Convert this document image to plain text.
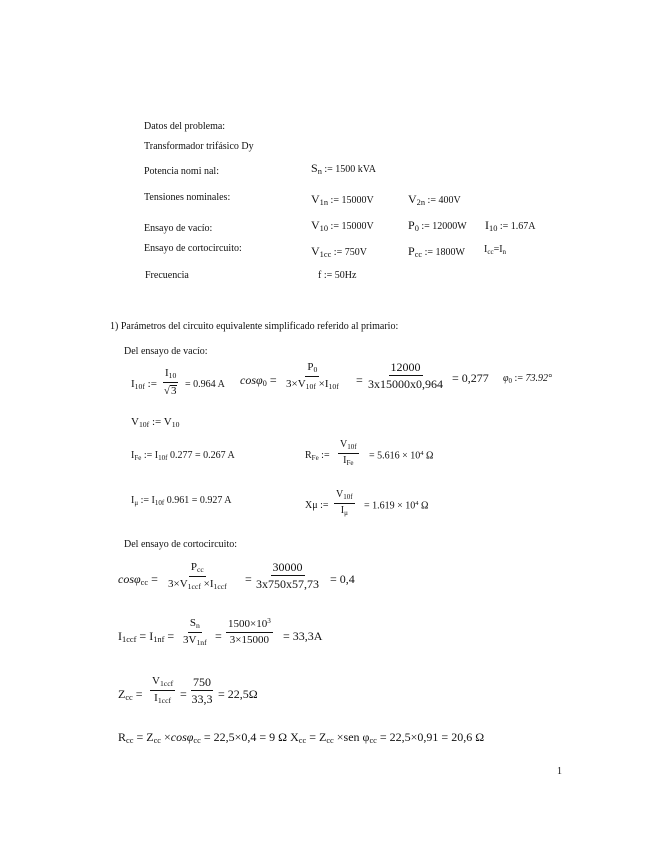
Datos del problema:
Transformador trifásico Dy
Potencia nomi nal:	$S_n$ := 1500 kVA
Tensiones nominales:	$V_{1n}$ := 15000V	$V_{2n}$ := 400V
Ensayo de vacío:	$V_{10}$ := 15000V	$P_0$ := 12000W $I_{10}$ := 1.67A
Ensayo de cortocircuito:	$V_{1cc}$ := 750V	$P_{cc}$ := 1800W $I_{cc}=I_n$
Frecuencia	f := 50Hz
1) Parámetros del circuito equivalente simplificado referido al primario:
Del ensayo de vacío:
$I_{10f}$ := $\frac{I_{10}}{√3} = 0.964$ A $\cos\varphi_0 = \frac{P_0}{3\times V_{10f} \times I_{10f}} = \frac{12000}{3x15000x0,964} = 0,277$ $\varphi_0$ := 73.92°
$V_{10f}$ := $V_{10}$
$I_{Fe}$ := $I_{10f}$ 0.277 = 0.267 A	$R_{Fe}$ :=
$V_{10f}$
$I_{Fe}$
= $5.616 \times 10^4$ Ω
$I_\mu$ := $I_{10f}$ 0.961 = 0.927 A	Xμ := $\frac{V_{10f}}{I_\mu} = 1.619 \times 10^4$ Ω
Del ensayo de cortocircuito:
cosφ$_{cc}$ =
$P_{cc}$
$3\times V_{1ccf} \times I_{1ccf}$
= $\frac{30000}{3x750x57,73} = 0,4$
$I_{1ccf} = I_{1nf} = \frac{S_n}{3V_{1nf}} = \frac{1500\times 10^3}{3\times 15000} = 33,3A$
$Z_{cc}$ =
$V_{1ccf}$
$I_{1ccf} = \frac{750}{33,3} = 22,5\Omega$
$R_{cc} = Z_{cc} \times\cos\varphi_{cc} = 22,5\times 0,4 = 9$ Ω $X_{cc} = Z_{cc} \times sen$ $\varphi_{cc} = 22,5\times 0,91 = 20,6$ Ω
1
